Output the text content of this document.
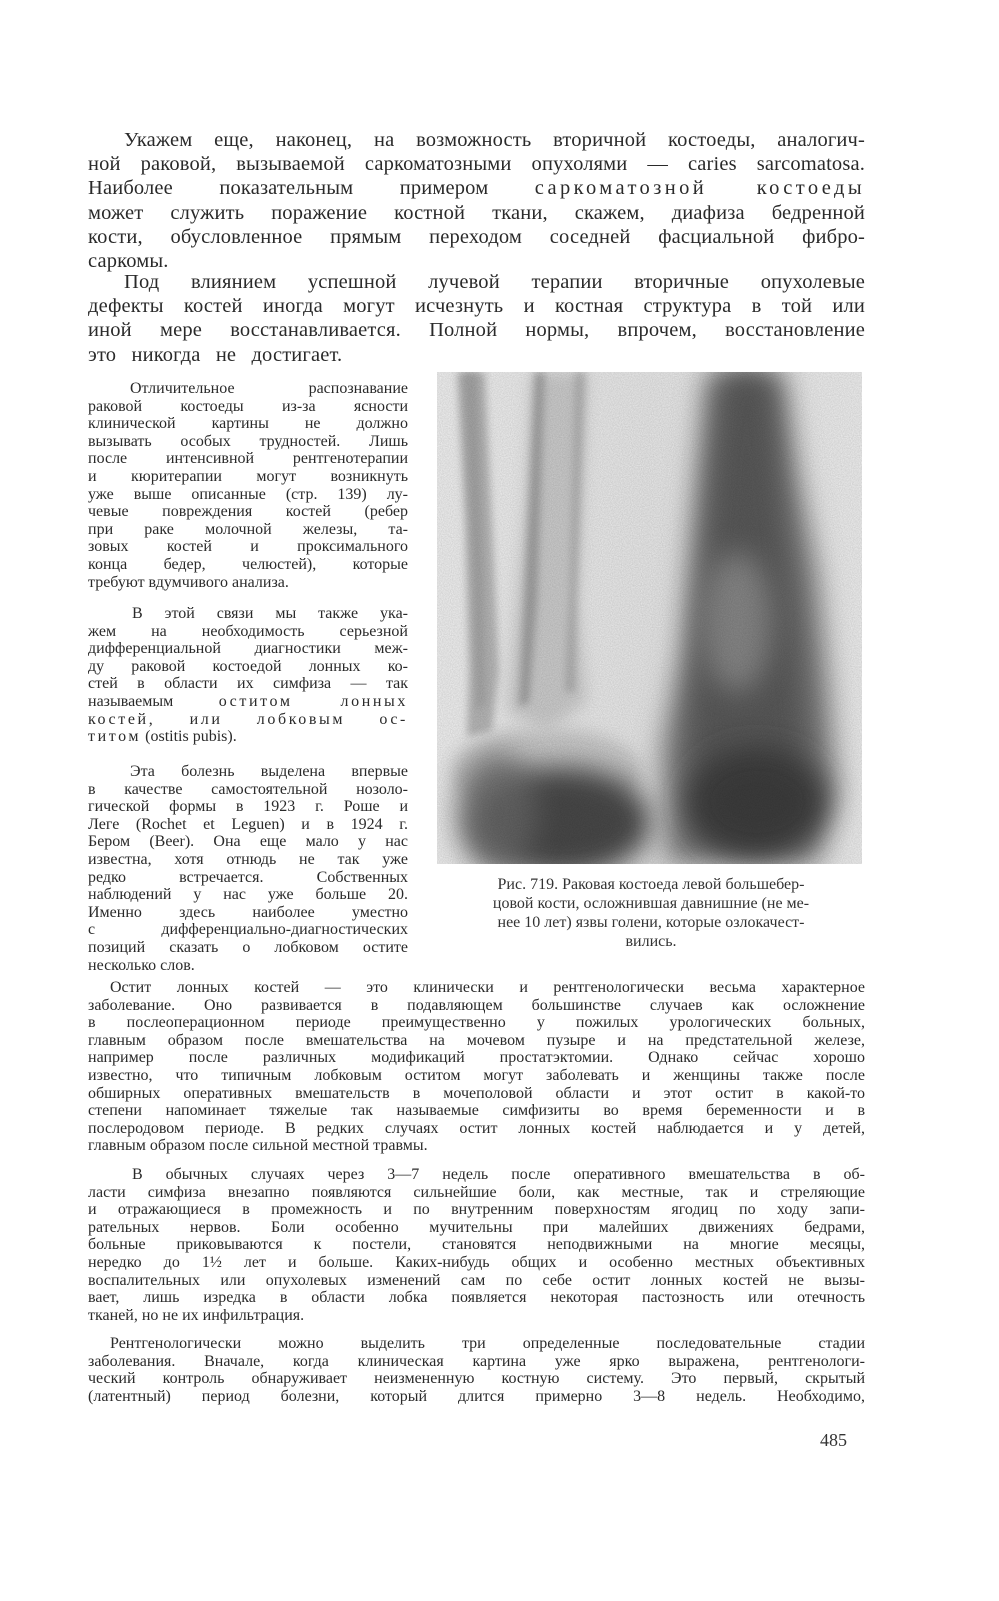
Укажем еще, наконец, на возможность вторичной костоеды, аналогич-
ной раковой, вызываемой саркоматозными опухолями — caries sarcomatosa.
Наиболее показательным примером саркоматозной костоеды
может служить поражение костной ткани, скажем, диафиза бедренной
кости, обусловленное прямым переходом соседней фасциальной фибро-
саркомы.
Под влиянием успешной лучевой терапии вторичные опухолевые
дефекты костей иногда могут исчезнуть и костная структура в той или
иной мере восстанавливается. Полной нормы, впрочем, восстановление
это никогда не достигает.
Отличительное распознавание
раковой костоеды из-за ясности
клинической картины не должно
вызывать особых трудностей. Лишь
после интенсивной рентгенотерапии
и кюритерапии могут возникнуть
уже выше описанные (стр. 139) лу-
чевые повреждения костей (ребер
при раке молочной железы, та-
зовых костей и проксимального
конца бедер, челюстей), которые
требуют вдумчивого анализа.
В этой связи мы также ука-
жем на необходимость серьезной
дифференциальной диагностики меж-
ду раковой костоедой лонных ко-
стей в области их симфиза — так
называемым оститом лонных
костей, или лобковым ос-
титом (ostitis pubis).
Эта болезнь выделена впервые
в качестве самостоятельной нозоло-
гической формы в 1923 г. Роше и
Леге (Rochet et Leguen) и в 1924 г.
Бером (Beer). Она еще мало у нас
известна, хотя отнюдь не так уже
редко встречается. Собственных
наблюдений у нас уже больше 20.
Именно здесь наиболее уместно
с дифференциально-диагностических
позиций сказать о лобковом остите
несколько слов.
Рис. 719. Раковая костоеда левой большебер-
цовой кости, осложнившая давнишние (не ме-
нее 10 лет) язвы голени, которые озлокачест-
вились.
Остит лонных костей — это клинически и рентгенологически весьма характерное
заболевание. Оно развивается в подавляющем большинстве случаев как осложнение
в послеоперационном периоде преимущественно у пожилых урологических больных,
главным образом после вмешательства на мочевом пузыре и на предстательной железе,
например после различных модификаций простатэктомии. Однако сейчас хорошо
известно, что типичным лобковым оститом могут заболевать и женщины также после
обширных оперативных вмешательств в мочеполовой области и этот остит в какой-то
степени напоминает тяжелые так называемые симфизиты во время беременности и в
послеродовом периоде. В редких случаях остит лонных костей наблюдается и у детей,
главным образом после сильной местной травмы.
В обычных случаях через 3—7 недель после оперативного вмешательства в об-
ласти симфиза внезапно появляются сильнейшие боли, как местные, так и стреляющие
и отражающиеся в промежность и по внутренним поверхностям ягодиц по ходу запи-
рательных нервов. Боли особенно мучительны при малейших движениях бедрами,
больные приковываются к постели, становятся неподвижными на многие месяцы,
нередко до 1½ лет и больше. Каких-нибудь общих и особенно местных объективных
воспалительных или опухолевых изменений сам по себе остит лонных костей не вызы-
вает, лишь изредка в области лобка появляется некоторая пастозность или отечность
тканей, но не их инфильтрация.
Рентгенологически можно выделить три определенные последовательные стадии
заболевания. Вначале, когда клиническая картина уже ярко выражена, рентгенологи-
ческий контроль обнаруживает неизмененную костную систему. Это первый, скрытый
(латентный) период болезни, который длится примерно 3—8 недель. Необходимо,
485
